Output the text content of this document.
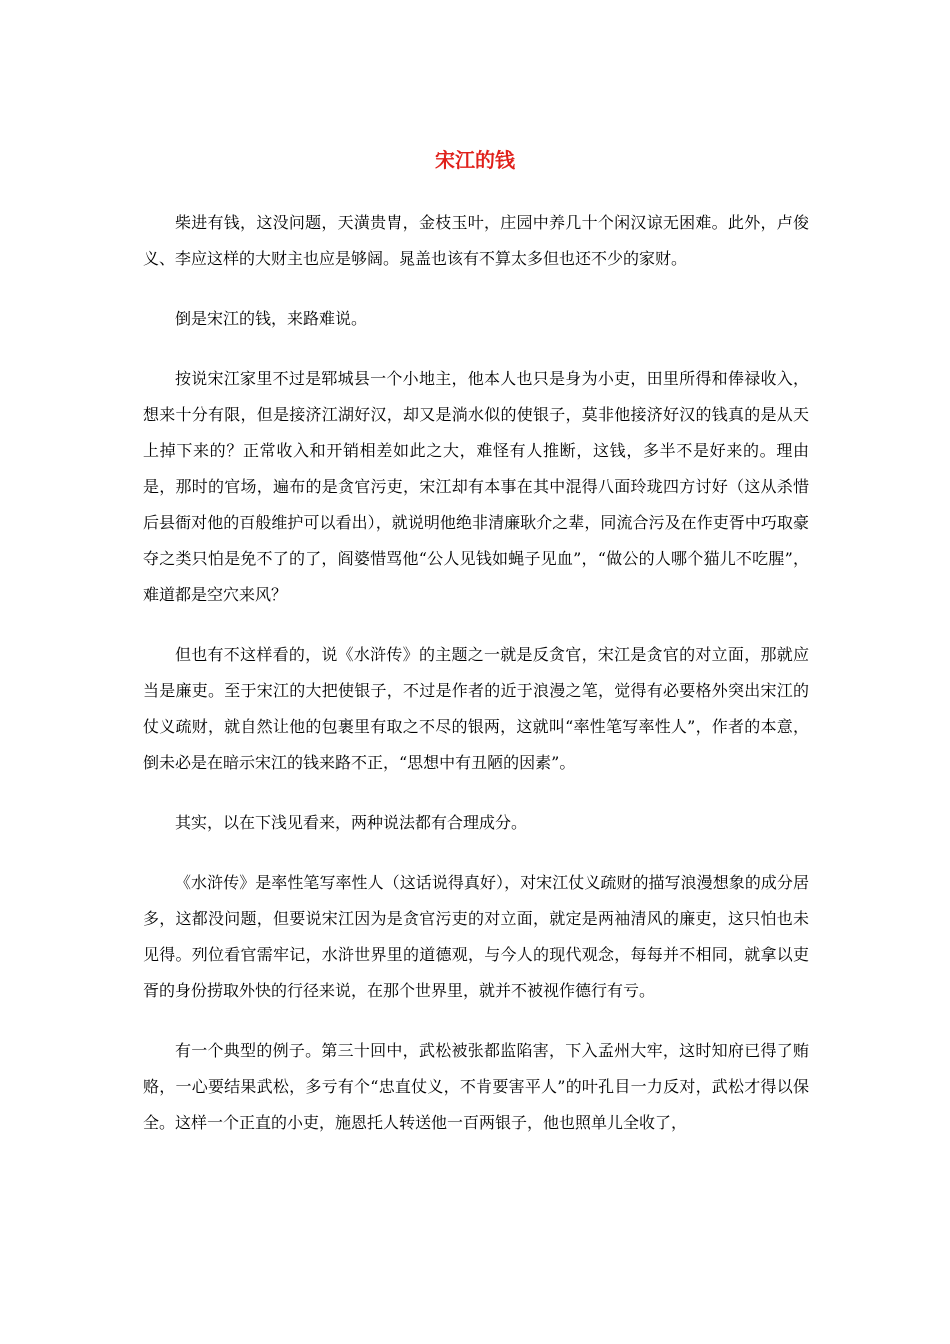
宋江的钱

柴进有钱，这没问题，天潢贵胄，金枝玉叶，庄园中养几十个闲汉谅无困难。此外，卢俊义、李应这样的大财主也应是够阔。晁盖也该有不算太多但也还不少的家财。

倒是宋江的钱，来路难说。

按说宋江家里不过是郓城县一个小地主，他本人也只是身为小吏，田里所得和俸禄收入，想来十分有限，但是接济江湖好汉，却又是淌水似的使银子，莫非他接济好汉的钱真的是从天上掉下来的？正常收入和开销相差如此之大，难怪有人推断，这钱，多半不是好来的。理由是，那时的官场，遍布的是贪官污吏，宋江却有本事在其中混得八面玲珑四方讨好（这从杀惜后县衙对他的百般维护可以看出），就说明他绝非清廉耿介之辈，同流合污及在作吏胥中巧取豪夺之类只怕是免不了的了，阎婆惜骂他“公人见钱如蝇子见血”，“做公的人哪个猫儿不吃腥”，难道都是空穴来风？

但也有不这样看的，说《水浒传》的主题之一就是反贪官，宋江是贪官的对立面，那就应当是廉吏。至于宋江的大把使银子，不过是作者的近于浪漫之笔，觉得有必要格外突出宋江的仗义疏财，就自然让他的包裹里有取之不尽的银两，这就叫“率性笔写率性人”，作者的本意，倒未必是在暗示宋江的钱来路不正，“思想中有丑陋的因素”。

其实，以在下浅见看来，两种说法都有合理成分。

《水浒传》是率性笔写率性人（这话说得真好），对宋江仗义疏财的描写浪漫想象的成分居多，这都没问题，但要说宋江因为是贪官污吏的对立面，就定是两袖清风的廉吏，这只怕也未见得。列位看官需牢记，水浒世界里的道德观，与今人的现代观念，每每并不相同，就拿以吏胥的身份捞取外快的行径来说，在那个世界里，就并不被视作德行有亏。

有一个典型的例子。第三十回中，武松被张都监陷害，下入孟州大牢，这时知府已得了贿赂，一心要结果武松，多亏有个“忠直仗义，不肯要害平人”的叶孔目一力反对，武松才得以保全。这样一个正直的小吏，施恩托人转送他一百两银子，他也照单儿全收了，
